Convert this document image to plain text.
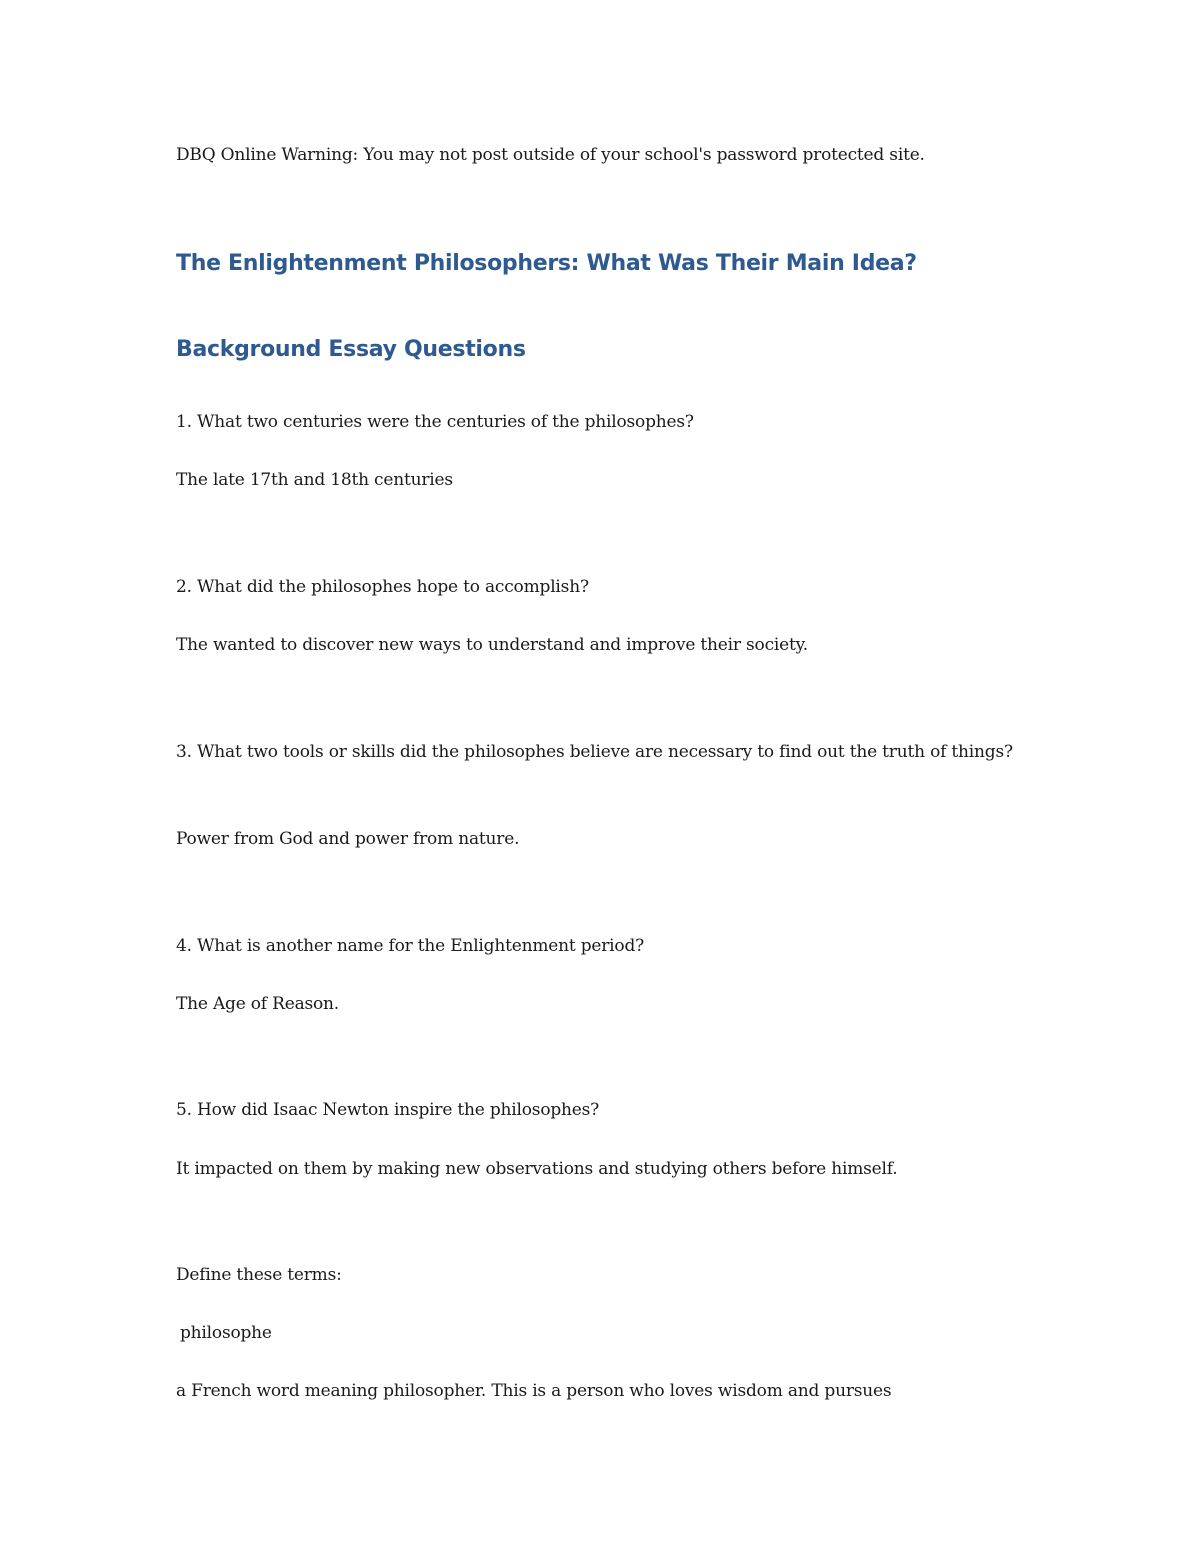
DBQ Online Warning: You may not post outside of your school's password protected site.
The Enlightenment Philosophers: What Was Their Main Idea?
Background Essay Questions
1. What two centuries were the centuries of the philosophes?
The late 17th and 18th centuries
2. What did the philosophes hope to accomplish?
The wanted to discover new ways to understand and improve their society.
3. What two tools or skills did the philosophes believe are necessary to find out the truth of things?
Power from God and power from nature.
4. What is another name for the Enlightenment period?
The Age of Reason.
5. How did Isaac Newton inspire the philosophes?
It impacted on them by making new observations and studying others before himself.
Define these terms:
philosophe
a French word meaning philosopher. This is a person who loves wisdom and pursues
